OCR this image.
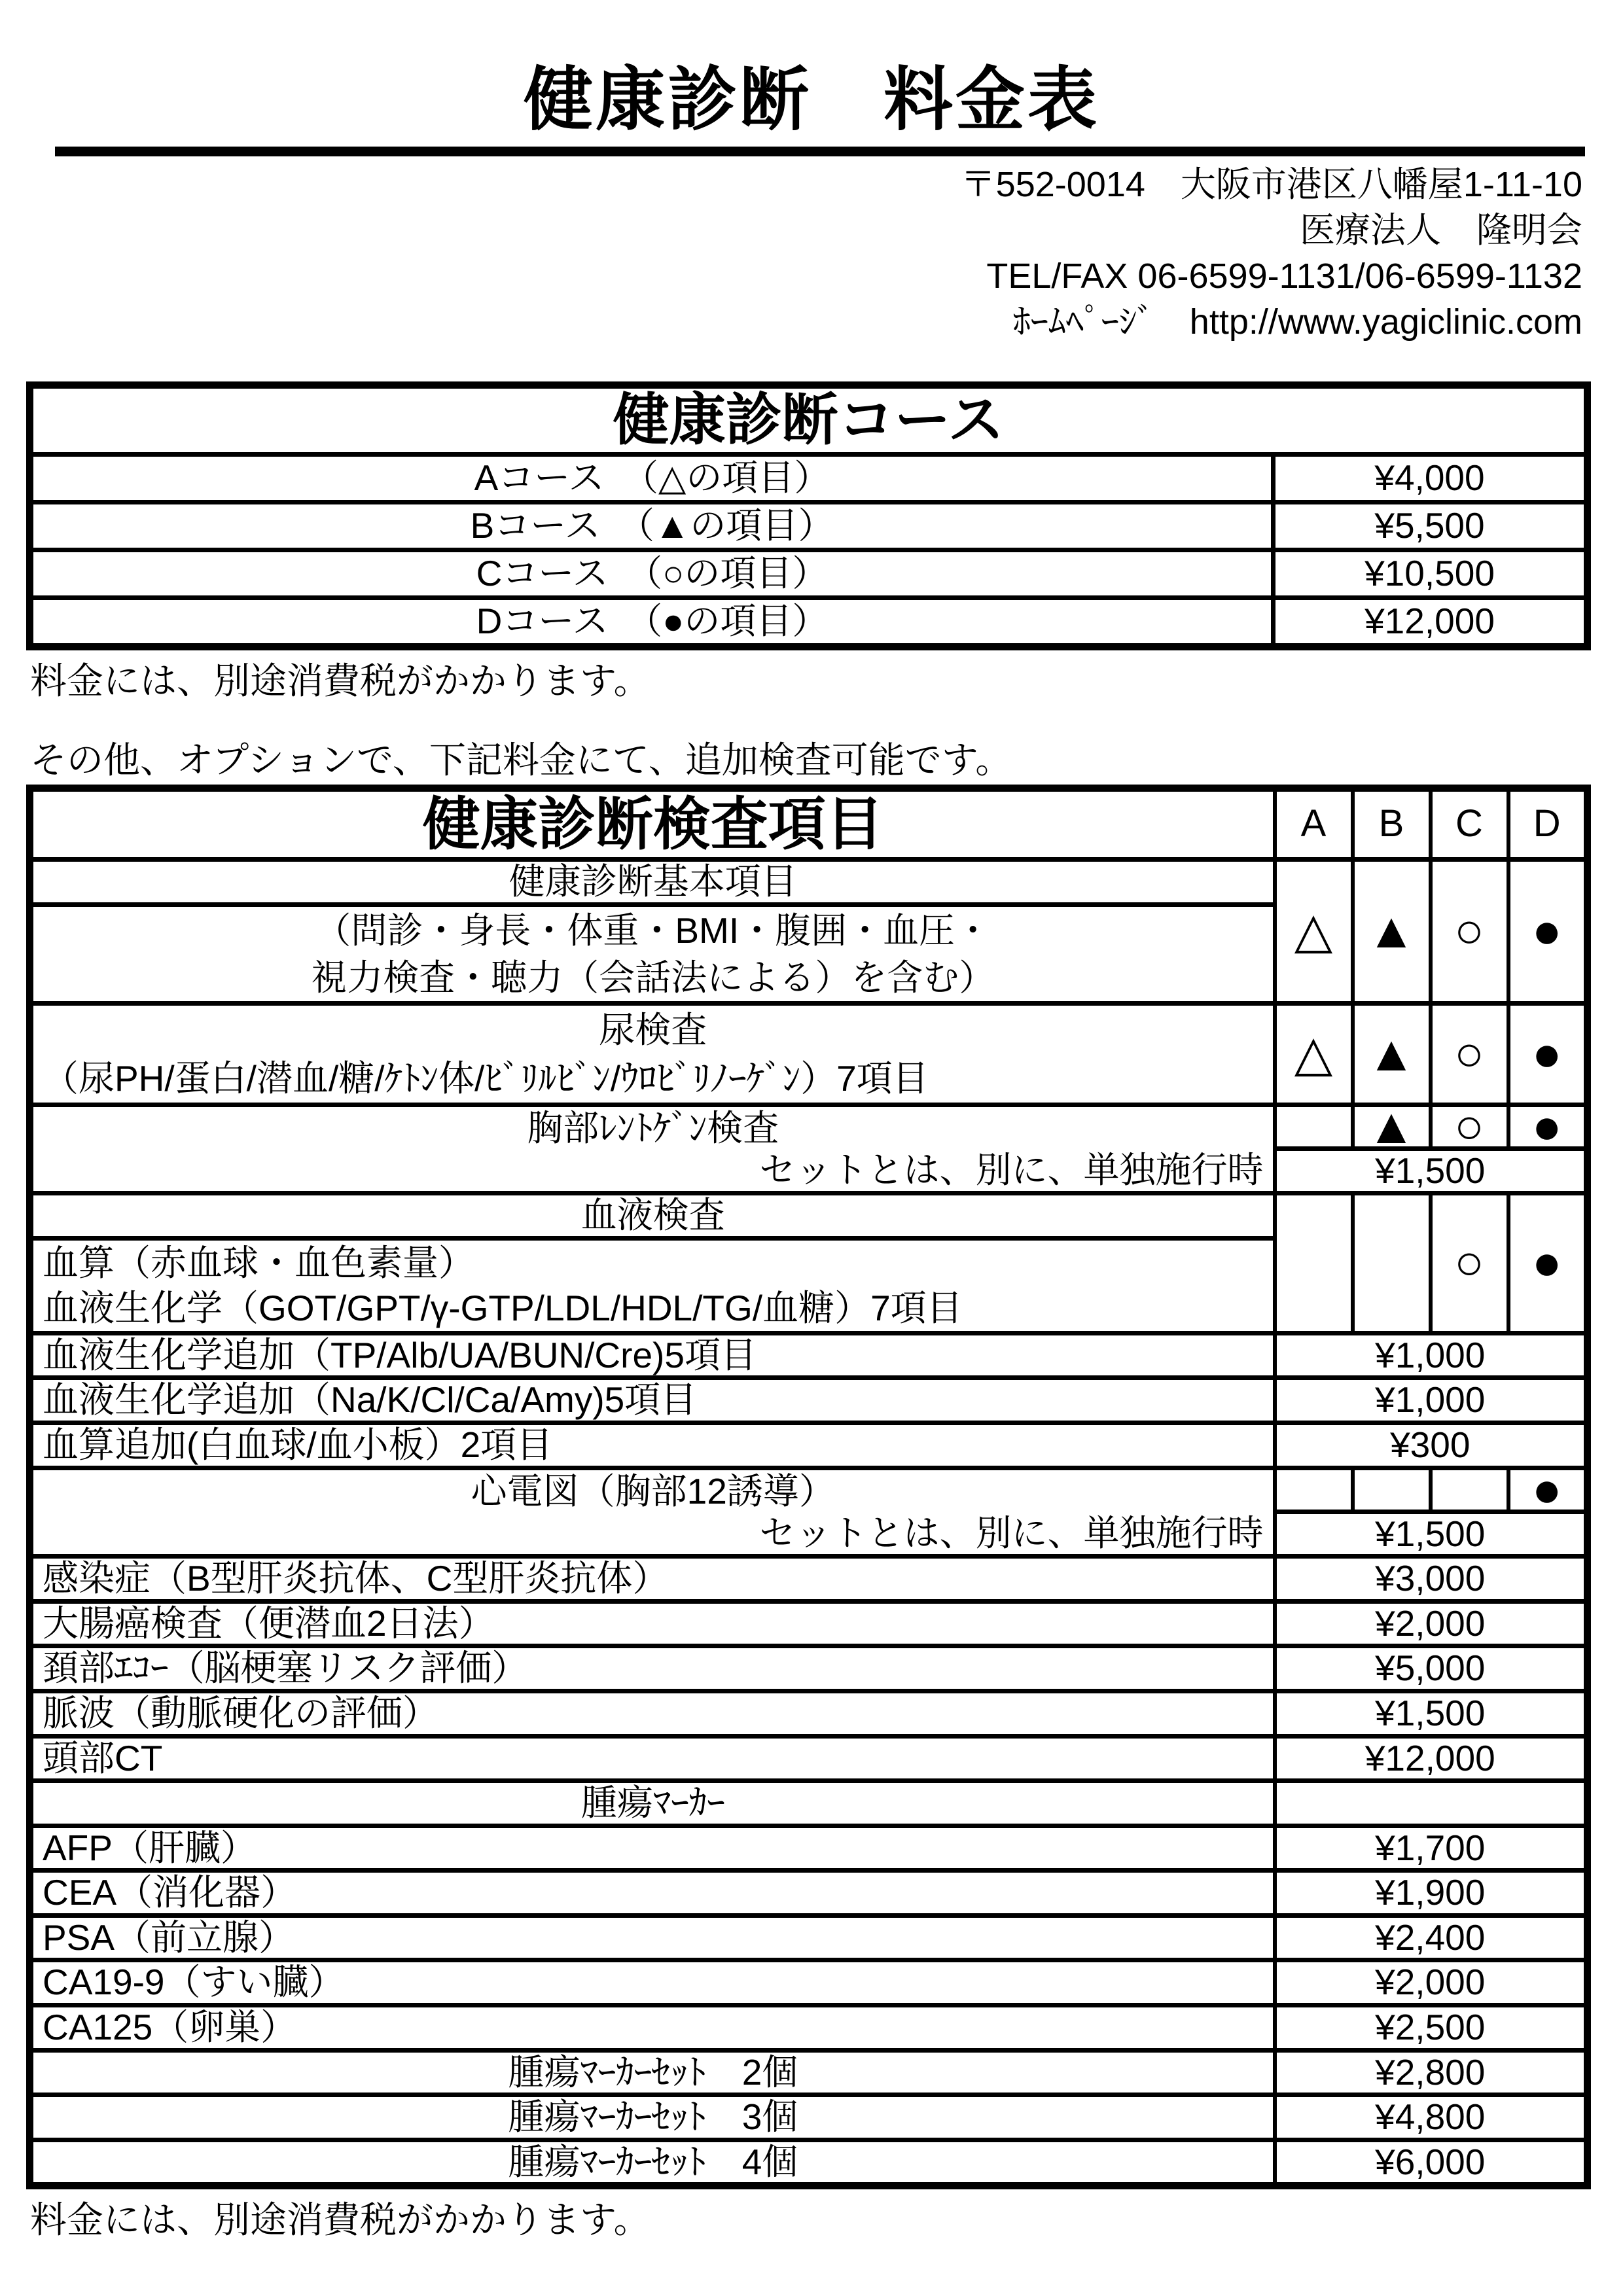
健康診断　料金表
〒552-0014　大阪市港区八幡屋1-11-10
医療法人　隆明会
TEL/FAX 06-6599-1131/06-6599-1132
ﾎｰﾑﾍﾟｰｼﾞ　http://www.yagiclinic.com
健康診断コース	
Aコース　（△の項目）	¥4,000
Bコース　（▲の項目）	¥5,500
Cコース　（○の項目）	¥10,500
Dコース　（●の項目）	¥12,000
料金には、別途消費税がかかります。
その他、オプションで、下記料金にて、追加検査可能です。
健康診断検査項目	A	B	C	D
健康診断基本項目	△	▲	○	●

（問診・身長・体重・BMI・腹囲・血圧・
視力検査・聴力（会話法による）を含む）				

尿検査
（尿PH/蛋白/潜血/糖/ｹﾄﾝ体/ﾋﾞﾘﾙﾋﾞﾝ/ｳﾛﾋﾞﾘﾉｰｹﾞﾝ）7項目	△	▲	○	●

胸部ﾚﾝﾄｹﾞﾝ検査
セットとは、別に、単独施行時		▲	○	●
	¥1,500			
血液検査			○	●

血算（赤血球・血色素量）
血液生化学（GOT/GPT/γ-GTP/LDL/HDL/TG/血糖）7項目				

血液生化学追加（TP/Alb/UA/BUN/Cre)5項目	¥1,000			
血液生化学追加（Na/K/Cl/Ca/Amy)5項目	¥1,000			
血算追加(白血球/血小板）2項目	¥300			

心電図（胸部12誘導）
セットとは、別に、単独施行時				●
	¥1,500			
感染症（B型肝炎抗体、C型肝炎抗体）	¥3,000			
大腸癌検査（便潜血2日法）	¥2,000			
頚部ｴｺｰ（脳梗塞リスク評価）	¥5,000			
脈波（動脈硬化の評価）	¥1,500			
頭部CT	¥12,000			
腫瘍ﾏｰｶｰ				
AFP（肝臓）	¥1,700			
CEA（消化器）	¥1,900			
PSA（前立腺）	¥2,400			
CA19-9（すい臓）	¥2,000			
CA125（卵巣）	¥2,500			
腫瘍ﾏｰｶｰｾｯﾄ　2個	¥2,800			
腫瘍ﾏｰｶｰｾｯﾄ　3個	¥4,800			
腫瘍ﾏｰｶｰｾｯﾄ　4個	¥6,000			
料金には、別途消費税がかかります。
